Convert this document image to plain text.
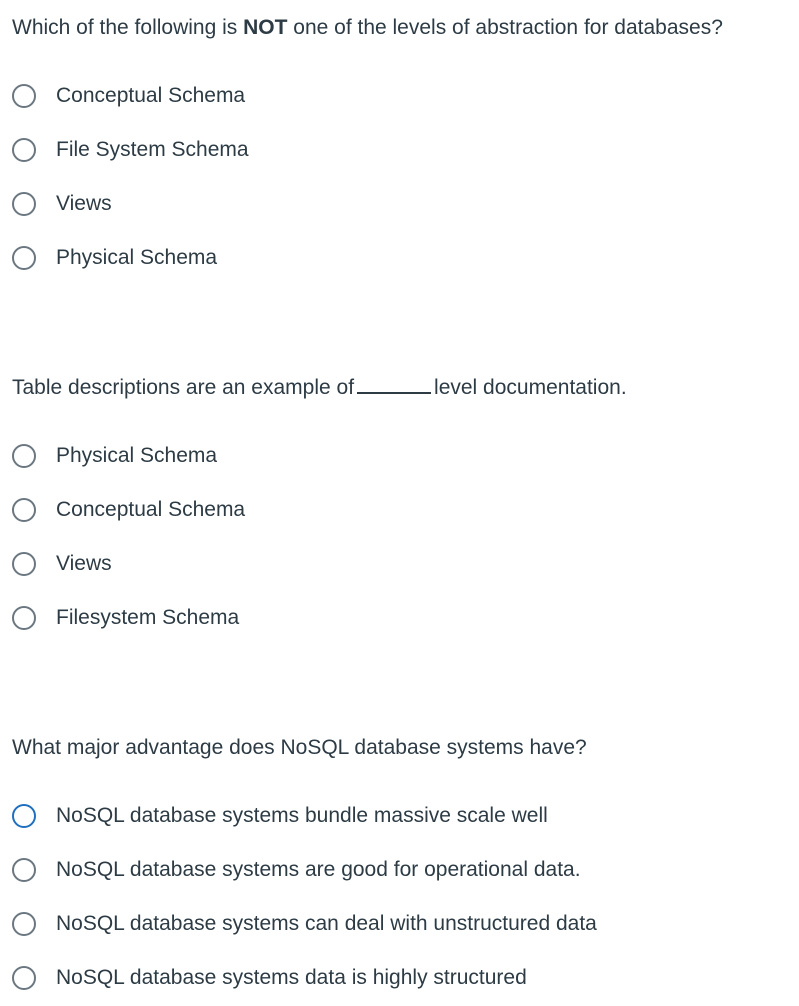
Which of the following is NOT one of the levels of abstraction for databases?
Conceptual Schema
File System Schema
Views
Physical Schema
Table descriptions are an example of	level documentation.
Physical Schema
Conceptual Schema
Views
Filesystem Schema
What major advantage does NoSQL database systems have?
NoSQL database systems bundle massive scale well
NoSQL database systems are good for operational data.
NoSQL database systems can deal with unstructured data
NoSQL database systems data is highly structured
